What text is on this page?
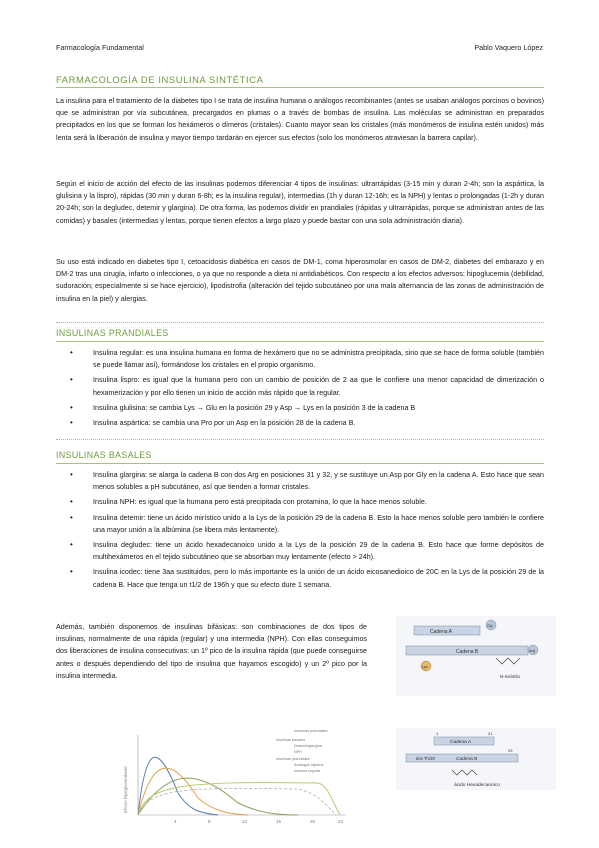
Farmacología Fundamental	Pablo Vaquero López
FARMACOLOGÍA DE INSULINA SINTÉTICA
La insulina para el tratamiento de la diabetes tipo I se trata de insulina humana o análogos recombinantes (antes se usaban análogos porcinos o bovinos) que se administran por vía subcutánea, precargados en plumas o a través de bombas de insulina. Las moléculas se administran en preparados precipitados en los que se forman los hexámeros o dímeros (cristales). Cuanto mayor sean los cristales (más monómeros de insulina estén unidos) más lenta será la liberación de insulina y mayor tiempo tardarán en ejercer sus efectos (solo los monómeros atraviesan la barrera capilar).
Según el inicio de acción del efecto de las insulinas podemos diferenciar 4 tipos de insulinas: ultrarrápidas (3-15 min y duran 2-4h; son la aspártica, la glulisina y la lispro), rápidas (30 min y duran 6-8h; es la insulina regular), intermedias (1h y duran 12-16h; es la NPH) y lentas o prolongadas (1-2h y duran 20-24h; son la degludec, detemir y glargina). De otra forma, las podemos dividir en prandiales (rápidas y ultrarrápidas, porque se administran antes de las comidas) y basales (intermedias y lentas, porque tienen efectos a largo plazo y puede bastar con una sola administración diaria).
Su uso está indicado en diabetes tipo I, cetoacidosis diabética en casos de DM-1, coma hiperosmolar en casos de DM-2, diabetes del embarazo y en DM-2 tras una cirugía, infarto o infecciones, o ya que no responde a dieta ni antidiabéticos. Con respecto a los efectos adversos: hipoglucemia (debilidad, sudoración; especialmente si se hace ejercicio), lipodistrofia (alteración del tejido subcutáneo por una mala alternancia de las zonas de administración de insulina en la piel) y alergias.
INSULINAS PRANDIALES
• Insulina regular: es una insulina humana en forma de hexámero que no se administra precipitada, sino que se hace de forma soluble (también se puede llamar así), formándose los cristales en el propio organismo.
• Insulina lispro: es igual que la humana pero con un cambio de posición de 2 aa que le confiere una menor capacidad de dimerización o hexamerización y por ello tienen un inicio de acción más rápido que la regular.
• Insulina glulisina: se cambia Lys → Glu en la posición 29 y Asp → Lys en la posición 3 de la cadena B
• Insulina aspártica: se cambia una Pro por un Asp en la posición 28 de la cadena B.
INSULINAS BASALES
• Insulina glargina: se alarga la cadena B con dos Arg en posiciones 31 y 32, y se sustituye un Asp por Gly en la cadena A. Esto hace que sean menos solubles a pH subcutáneo, así que tienden a formar cristales.
• Insulina NPH: es igual que la humana pero está precipitada con protamina, lo que la hace menos soluble.
• Insulina detemir: tiene un ácido mirístico unido a la Lys de la posición 29 de la cadena B. Esto la hace menos soluble pero también le confiere una mayor unión a la albúmina (se libera más lentamente).
• Insulina degludec: tiene un ácido hexadecanoico unido a la Lys de la posición 29 de la cadena B. Esto hace que forme depósitos de multihexámeros en el tejido subcutáneo que se absorban muy lentamente (efecto > 24h).
• Insulina icodec: tiene 3aa sustituidos, pero lo más importante es la unión de un ácido eicosanedioico de 20C en la Lys de la posición 29 de la cadena B. Hace que tenga un t1/2 de 196h y que su efecto dure 1 semana.
Además, también disponemos de insulinas bifásicas: son combinaciones de dos tipos de insulinas, normalmente de una rápida (regular) y una intermedia (NPH). Con ellas conseguimos dos liberaciones de insulina consecutivas: un 1º pico de la insulina rápida (que puede conseguirse antes o después dependiendo del tipo de insulina que hayamos escogido) y un 2º pico por la insulina intermedia.
Efecto hipoglucemiante
4	8	12	16	20	24
Insulinas prandiales
Insulinas basales
Detemir/glargina
NPH
Insulinas prandiales
Análogos rápidos
Insulina regular
Cadena A
Gly
Cadena B	Arg
Lys
N-miristilo
1	21
Cadena A
des Thr30	Cadena B
29
ácido Hexadecanoico
